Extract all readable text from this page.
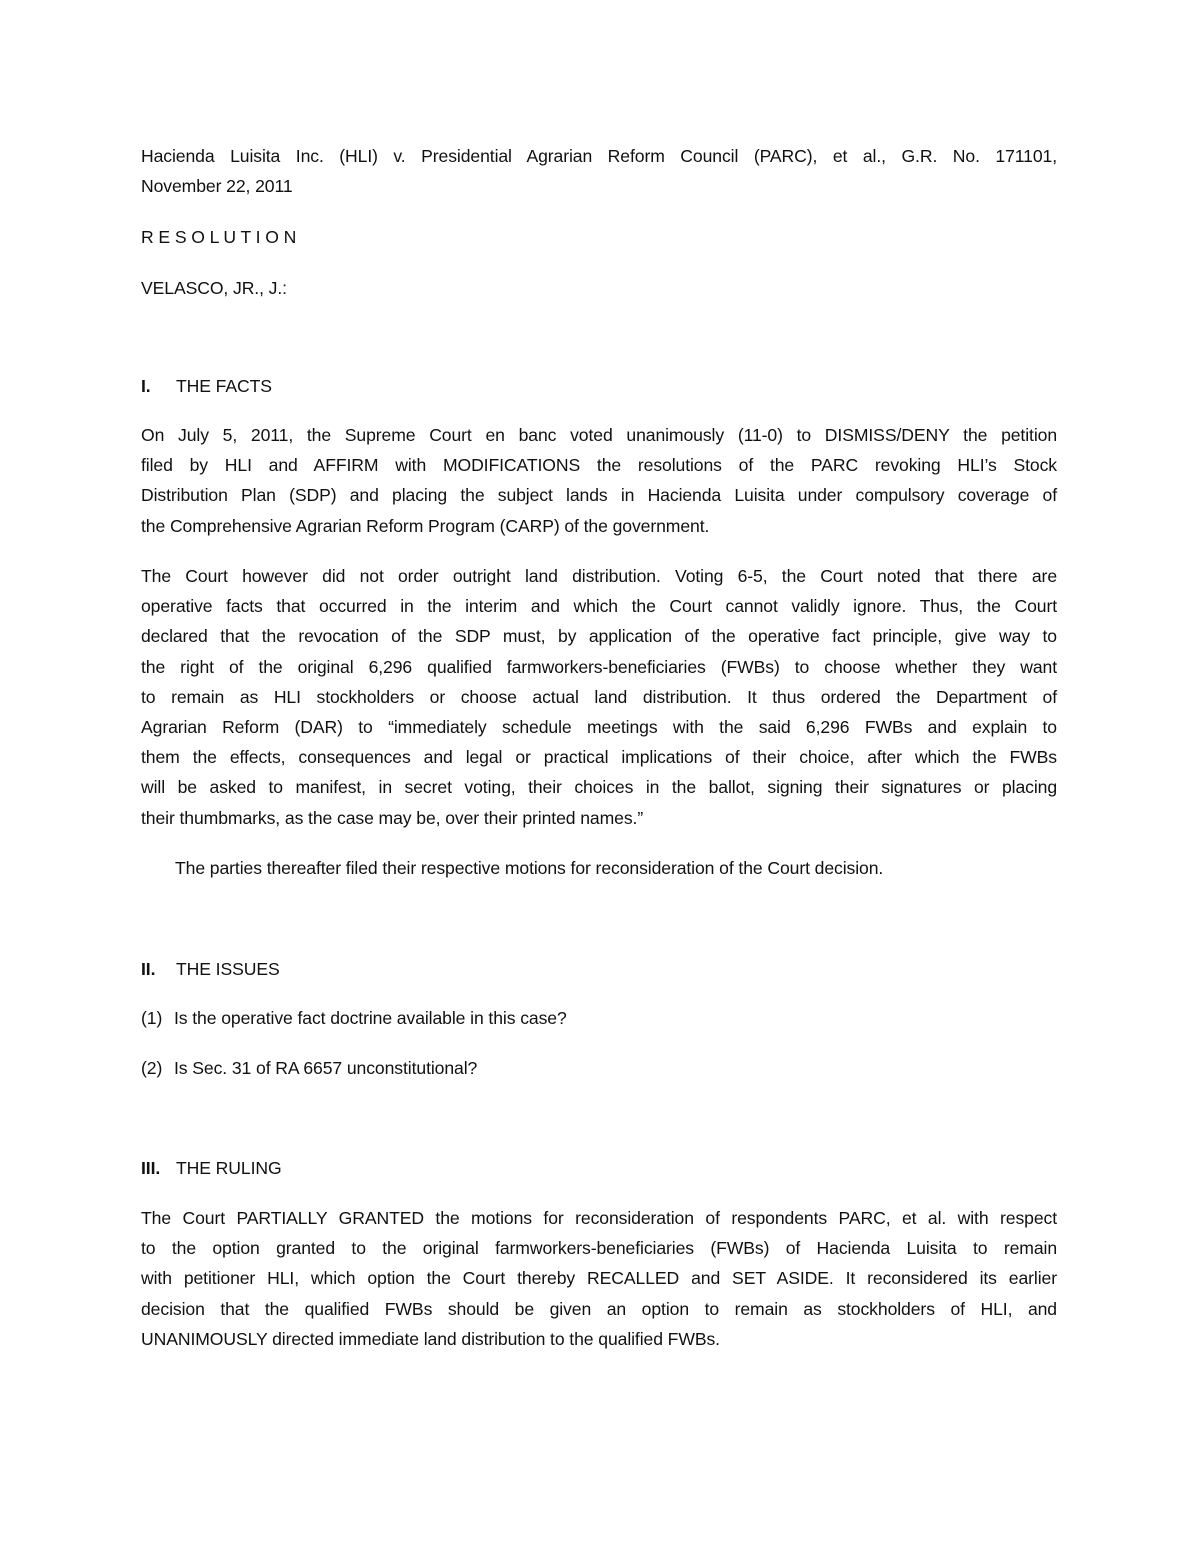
Hacienda Luisita Inc. (HLI) v. Presidential Agrarian Reform Council (PARC), et al., G.R. No. 171101,
November 22, 2011
R E S O L U T I O N
VELASCO, JR., J.:
I. THE FACTS
On July 5, 2011, the Supreme Court en banc voted unanimously (11-0) to DISMISS/DENY the petition
filed by HLI and AFFIRM with MODIFICATIONS the resolutions of the PARC revoking HLI’s Stock
Distribution Plan (SDP) and placing the subject lands in Hacienda Luisita under compulsory coverage of
the Comprehensive Agrarian Reform Program (CARP) of the government.
The Court however did not order outright land distribution. Voting 6-5, the Court noted that there are
operative facts that occurred in the interim and which the Court cannot validly ignore. Thus, the Court
declared that the revocation of the SDP must, by application of the operative fact principle, give way to
the right of the original 6,296 qualified farmworkers-beneficiaries (FWBs) to choose whether they want
to remain as HLI stockholders or choose actual land distribution. It thus ordered the Department of
Agrarian Reform (DAR) to “immediately schedule meetings with the said 6,296 FWBs and explain to
them the effects, consequences and legal or practical implications of their choice, after which the FWBs
will be asked to manifest, in secret voting, their choices in the ballot, signing their signatures or placing
their thumbmarks, as the case may be, over their printed names.”
The parties thereafter filed their respective motions for reconsideration of the Court decision.
II. THE ISSUES
(1) Is the operative fact doctrine available in this case?
(2) Is Sec. 31 of RA 6657 unconstitutional?
III. THE RULING
The Court PARTIALLY GRANTED the motions for reconsideration of respondents PARC, et al. with respect
to the option granted to the original farmworkers-beneficiaries (FWBs) of Hacienda Luisita to remain
with petitioner HLI, which option the Court thereby RECALLED and SET ASIDE. It reconsidered its earlier
decision that the qualified FWBs should be given an option to remain as stockholders of HLI, and
UNANIMOUSLY directed immediate land distribution to the qualified FWBs.
